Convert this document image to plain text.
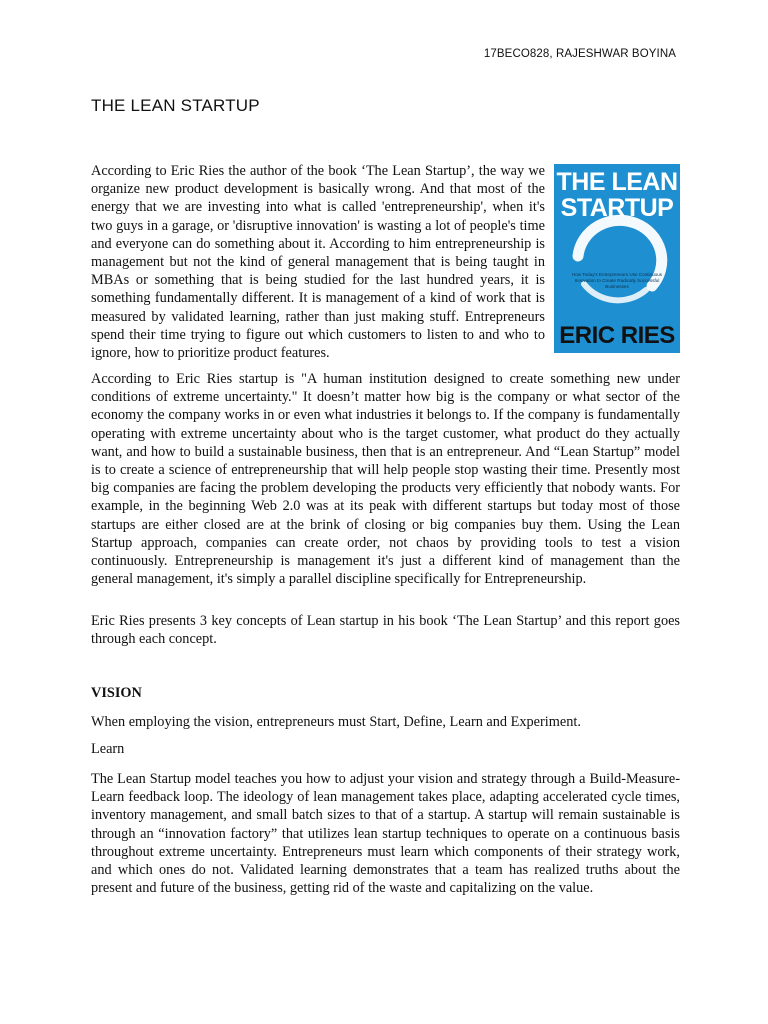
17BECO828, RAJESHWAR BOYINA
THE LEAN STARTUP

According to Eric Ries the author of the book ‘The Lean Startup’, the way we organize new product development is basically wrong. And that most of the energy that we are investing into what is called 'entrepreneurship', when it's two guys in a garage, or 'disruptive innovation' is wasting a lot of people's time and everyone can do something about it. According to him entrepreneurship is management but not the kind of general management that is being taught in MBAs or something that is being studied for the last hundred years, it is something fundamentally different. It is management of a kind of work that is measured by validated learning, rather than just making stuff. Entrepreneurs spend their time trying to figure out which customers to listen to and who to ignore, how to prioritize product features.

THE LEAN
STARTUP
How Today's Entrepreneurs Use Continuous Innovation to Create Radically Successful Businesses
ERIC RIES

According to Eric Ries startup is "A human institution designed to create something new under conditions of extreme uncertainty." It doesn’t matter how big is the company or what sector of the economy the company works in or even what industries it belongs to. If the company is fundamentally operating with extreme uncertainty about who is the target customer, what product do they actually want, and how to build a sustainable business, then that is an entrepreneur. And “Lean Startup” model is to create a science of entrepreneurship that will help people stop wasting their time. Presently most big companies are facing the problem developing the products very efficiently that nobody wants. For example, in the beginning Web 2.0 was at its peak with different startups but today most of those startups are either closed are at the brink of closing or big companies buy them. Using the Lean Startup approach, companies can create order, not chaos by providing tools to test a vision continuously. Entrepreneurship is management it's just a different kind of management than the general management, it's simply a parallel discipline specifically for Entrepreneurship.

Eric Ries presents 3 key concepts of Lean startup in his book ‘The Lean Startup’ and this report goes through each concept.

VISION

When employing the vision, entrepreneurs must Start, Define, Learn and Experiment.

Learn

The Lean Startup model teaches you how to adjust your vision and strategy through a Build-Measure-Learn feedback loop. The ideology of lean management takes place, adapting accelerated cycle times, inventory management, and small batch sizes to that of a startup. A startup will remain sustainable is through an “innovation factory” that utilizes lean startup techniques to operate on a continuous basis throughout extreme uncertainty. Entrepreneurs must learn which components of their strategy work, and which ones do not. Validated learning demonstrates that a team has realized truths about the present and future of the business, getting rid of the waste and capitalizing on the value.
